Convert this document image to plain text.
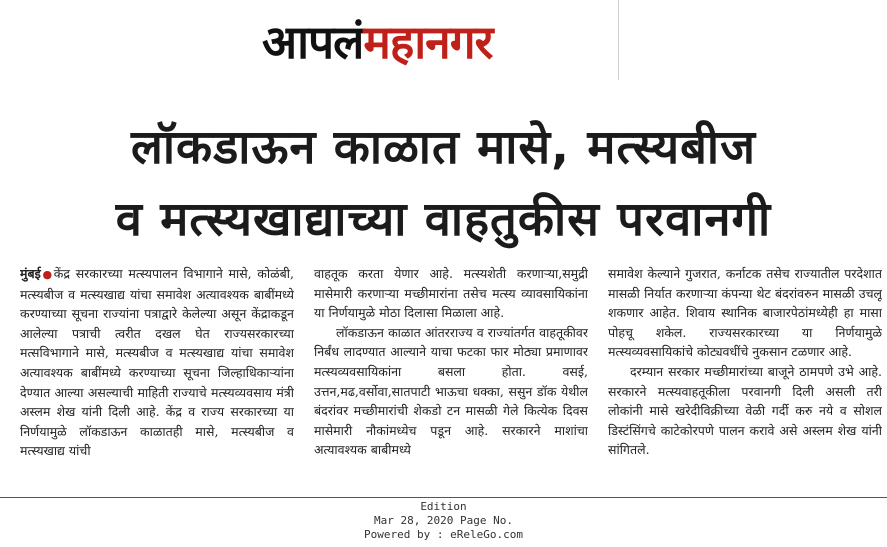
आपलं महानगर
लॉकडाऊन काळात मासे, मत्स्यबीज
व मत्स्यखाद्याच्या वाहतुकीस परवानगी

मुंबई●केंद्र सरकारच्या मत्स्यपालन विभागाने मासे, कोळंबी, मत्स्यबीज व मत्स्यखाद्य यांचा समावेश अत्यावश्यक बाबींमध्ये करण्याच्या सूचना राज्यांना पत्राद्वारे केलेल्या असून केंद्राकडून आलेल्या पत्राची त्वरीत दखल घेत राज्यसरकारच्या मत्सविभागाने मासे, मत्स्यबीज व मत्स्यखाद्य यांचा समावेश अत्यावश्यक बाबींमध्ये करण्याच्या सूचना जिल्हाधिकाऱ्यांना देण्यात आल्या असल्याची माहिती राज्याचे मत्स्यव्यवसाय मंत्री अस्लम शेख यांनी दिली आहे. केंद्र व राज्य सरकारच्या या निर्णयामुळे लॉकडाऊन काळातही मासे, मत्स्यबीज व मत्स्यखाद्य यांची

वाहतूक करता येणार आहे. मत्स्यशेती करणाऱ्या,समुद्री मासेमारी करणाऱ्या मच्छीमारांना तसेच मत्स्य व्यावसायिकांना या निर्णयामुळे मोठा दिलासा मिळाला आहे.

लॉकडाऊन काळात आंतरराज्य व राज्यांतर्गत वाहतूकीवर निर्बंध लादण्यात आल्याने याचा फटका फार मोठ्या प्रमाणावर मत्स्यव्यवसायिकांना बसला होता. वसई, उत्तन,मढ,वर्सोवा,सातपाटी भाऊचा धक्का, ससुन डॉक येथील बंदरांवर मच्छीमारांची शेकडो टन मासळी गेले कित्येक दिवस मासेमारी नौकांमध्येच पडून आहे. सरकारने माशांचा अत्यावश्यक बाबीमध्ये

समावेश केल्याने गुजरात, कर्नाटक तसेच राज्यातील परदेशात मासळी निर्यात करणाऱ्या कंपन्या थेट बंदरांवरुन मासळी उचलू शकणार आहेत. शिवाय स्थानिक बाजारपेठांमध्येही हा मासा पोहचू शकेल. राज्यसरकारच्या या निर्णयामुळे मत्स्यव्यवसायिकांचे कोट्यवधींचे नुकसान टळणार आहे.

दरम्यान सरकार मच्छीमारांच्या बाजूने ठामपणे उभे आहे. सरकारने मत्स्यवाहतूकीला परवानगी दिली असली तरी लोकांनी मासे खरेदीविक्रीच्या वेळी गर्दी करु नये व सोशल डिस्टंसिंगचे काटेकोरपणे पालन करावे असे अस्लम शेख यांनी सांगितले.

Edition
Mar 28, 2020 Page No.
Powered by : eReleGo.com
